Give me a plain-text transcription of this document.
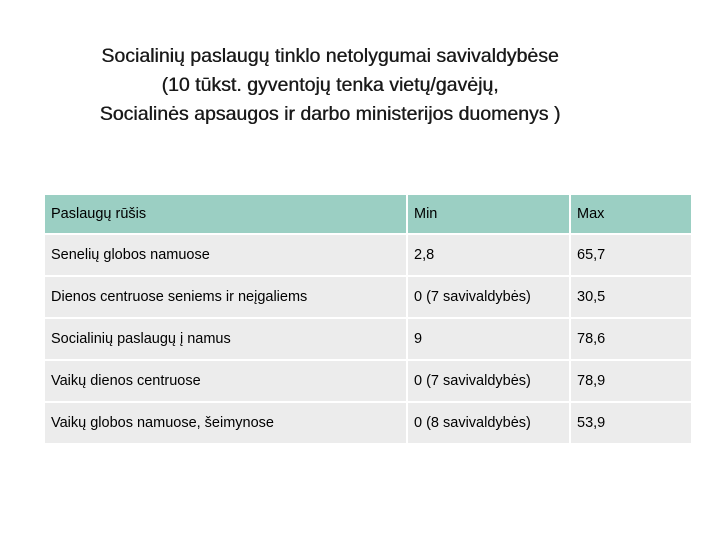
Socialinių paslaugų tinklo netolygumai savivaldybėse
(10 tūkst. gyventojų tenka vietų/gavėjų,
Socialinės apsaugos ir darbo ministerijos duomenys )
Paslaugų rūšis	Min	Max
Senelių globos namuose	2,8	65,7
Dienos centruose seniems ir neįgaliems	0 (7 savivaldybės)	30,5
Socialinių paslaugų į namus	9	78,6
Vaikų dienos centruose	0 (7 savivaldybės)	78,9
Vaikų globos namuose, šeimynose	0 (8 savivaldybės)	53,9
